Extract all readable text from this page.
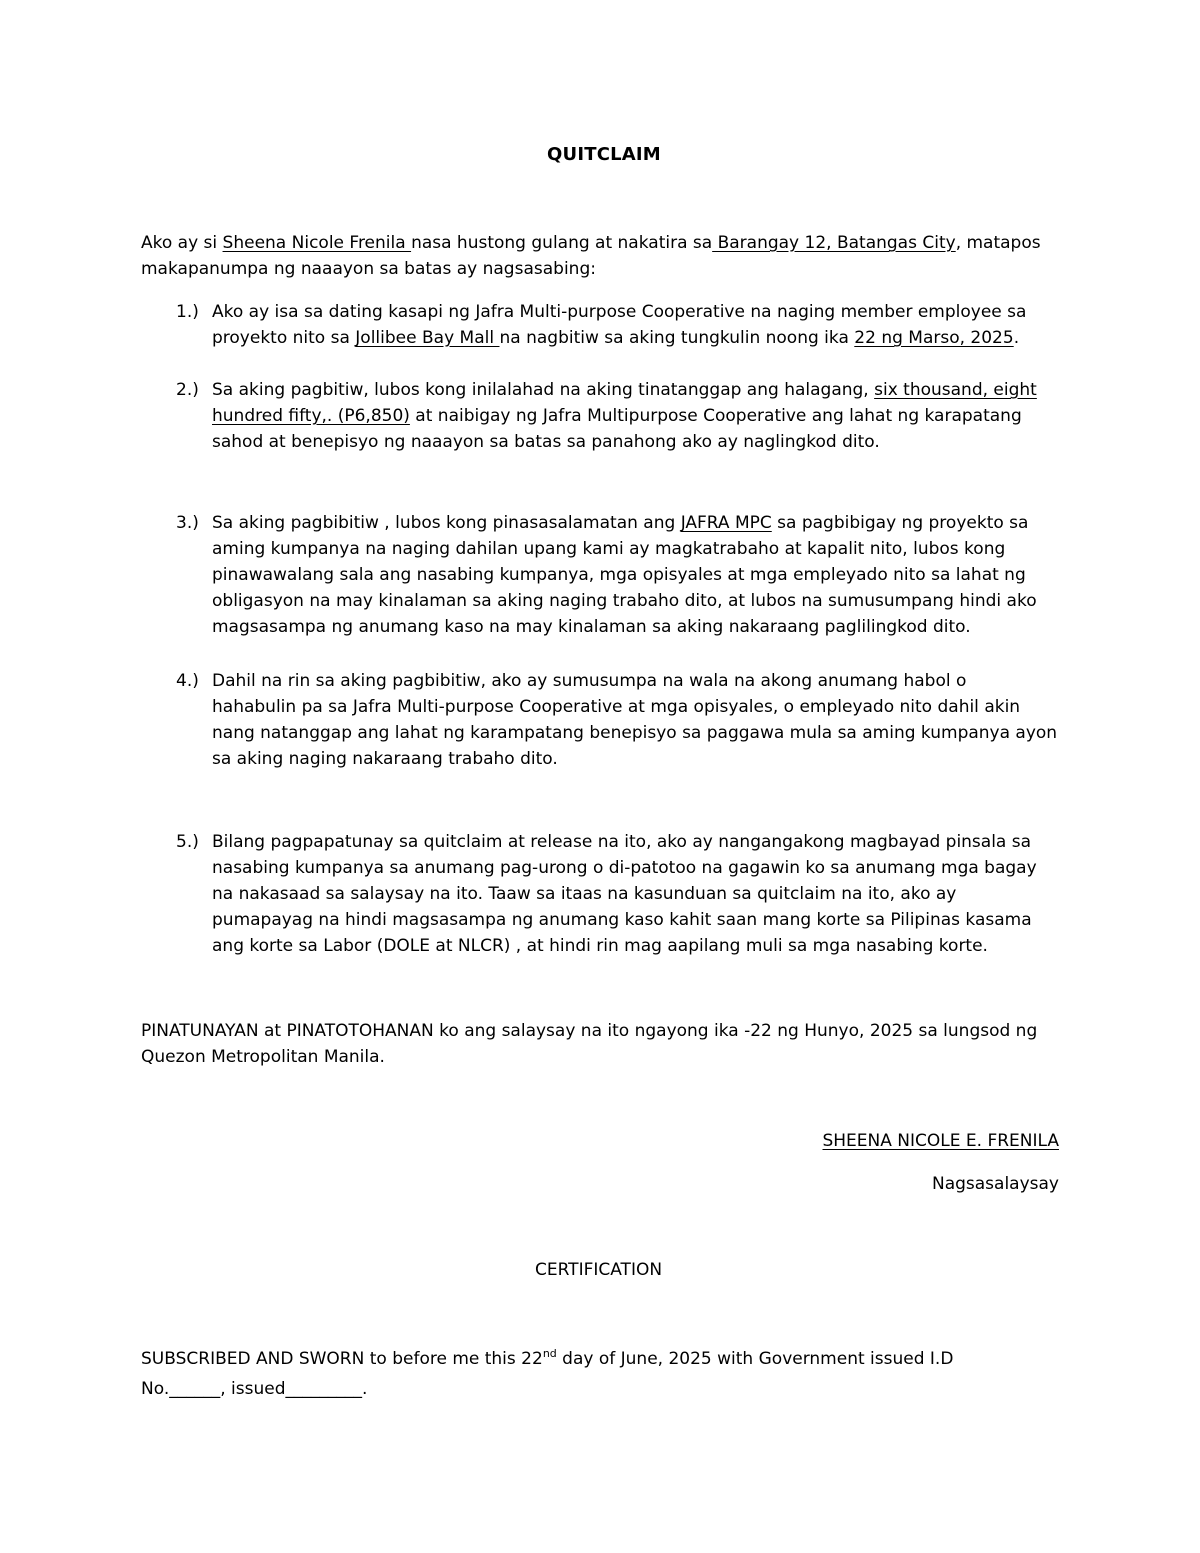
QUITCLAIM
Ako ay si Sheena Nicole Frenila nasa hustong gulang at nakatira sa Barangay 12, Batangas City, matapos
makapanumpa ng naaayon sa batas ay nagsasabing:
1.) Ako ay isa sa dating kasapi ng Jafra Multi-purpose Cooperative na naging member employee sa
proyekto nito sa Jollibee Bay Mall na nagbitiw sa aking tungkulin noong ika 22 ng Marso, 2025.
2.) Sa aking pagbitiw, lubos kong inilalahad na aking tinatanggap ang halagang, six thousand, eight
hundred fifty,. (P6,850) at naibigay ng Jafra Multipurpose Cooperative ang lahat ng karapatang
sahod at benepisyo ng naaayon sa batas sa panahong ako ay naglingkod dito.
3.) Sa aking pagbibitiw , lubos kong pinasasalamatan ang JAFRA MPC sa pagbibigay ng proyekto sa
aming kumpanya na naging dahilan upang kami ay magkatrabaho at kapalit nito, lubos kong
pinawawalang sala ang nasabing kumpanya, mga opisyales at mga empleyado nito sa lahat ng
obligasyon na may kinalaman sa aking naging trabaho dito, at lubos na sumusumpang hindi ako
magsasampa ng anumang kaso na may kinalaman sa aking nakaraang paglilingkod dito.
4.) Dahil na rin sa aking pagbibitiw, ako ay sumusumpa na wala na akong anumang habol o
hahabulin pa sa Jafra Multi-purpose Cooperative at mga opisyales, o empleyado nito dahil akin
nang natanggap ang lahat ng karampatang benepisyo sa paggawa mula sa aming kumpanya ayon
sa aking naging nakaraang trabaho dito.
5.) Bilang pagpapatunay sa quitclaim at release na ito, ako ay nangangakong magbayad pinsala sa
nasabing kumpanya sa anumang pag-urong o di-patotoo na gagawin ko sa anumang mga bagay
na nakasaad sa salaysay na ito. Taaw sa itaas na kasunduan sa quitclaim na ito, ako ay
pumapayag na hindi magsasampa ng anumang kaso kahit saan mang korte sa Pilipinas kasama
ang korte sa Labor (DOLE at NLCR) , at hindi rin mag aapilang muli sa mga nasabing korte.
PINATUNAYAN at PINATOTOHANAN ko ang salaysay na ito ngayong ika -22 ng Hunyo, 2025 sa lungsod ng
Quezon Metropolitan Manila.
SHEENA NICOLE E. FRENILA
Nagsasalaysay
CERTIFICATION
SUBSCRIBED AND SWORN to before me this 22nd day of June, 2025 with Government issued I.D
No.______, issued_________.
